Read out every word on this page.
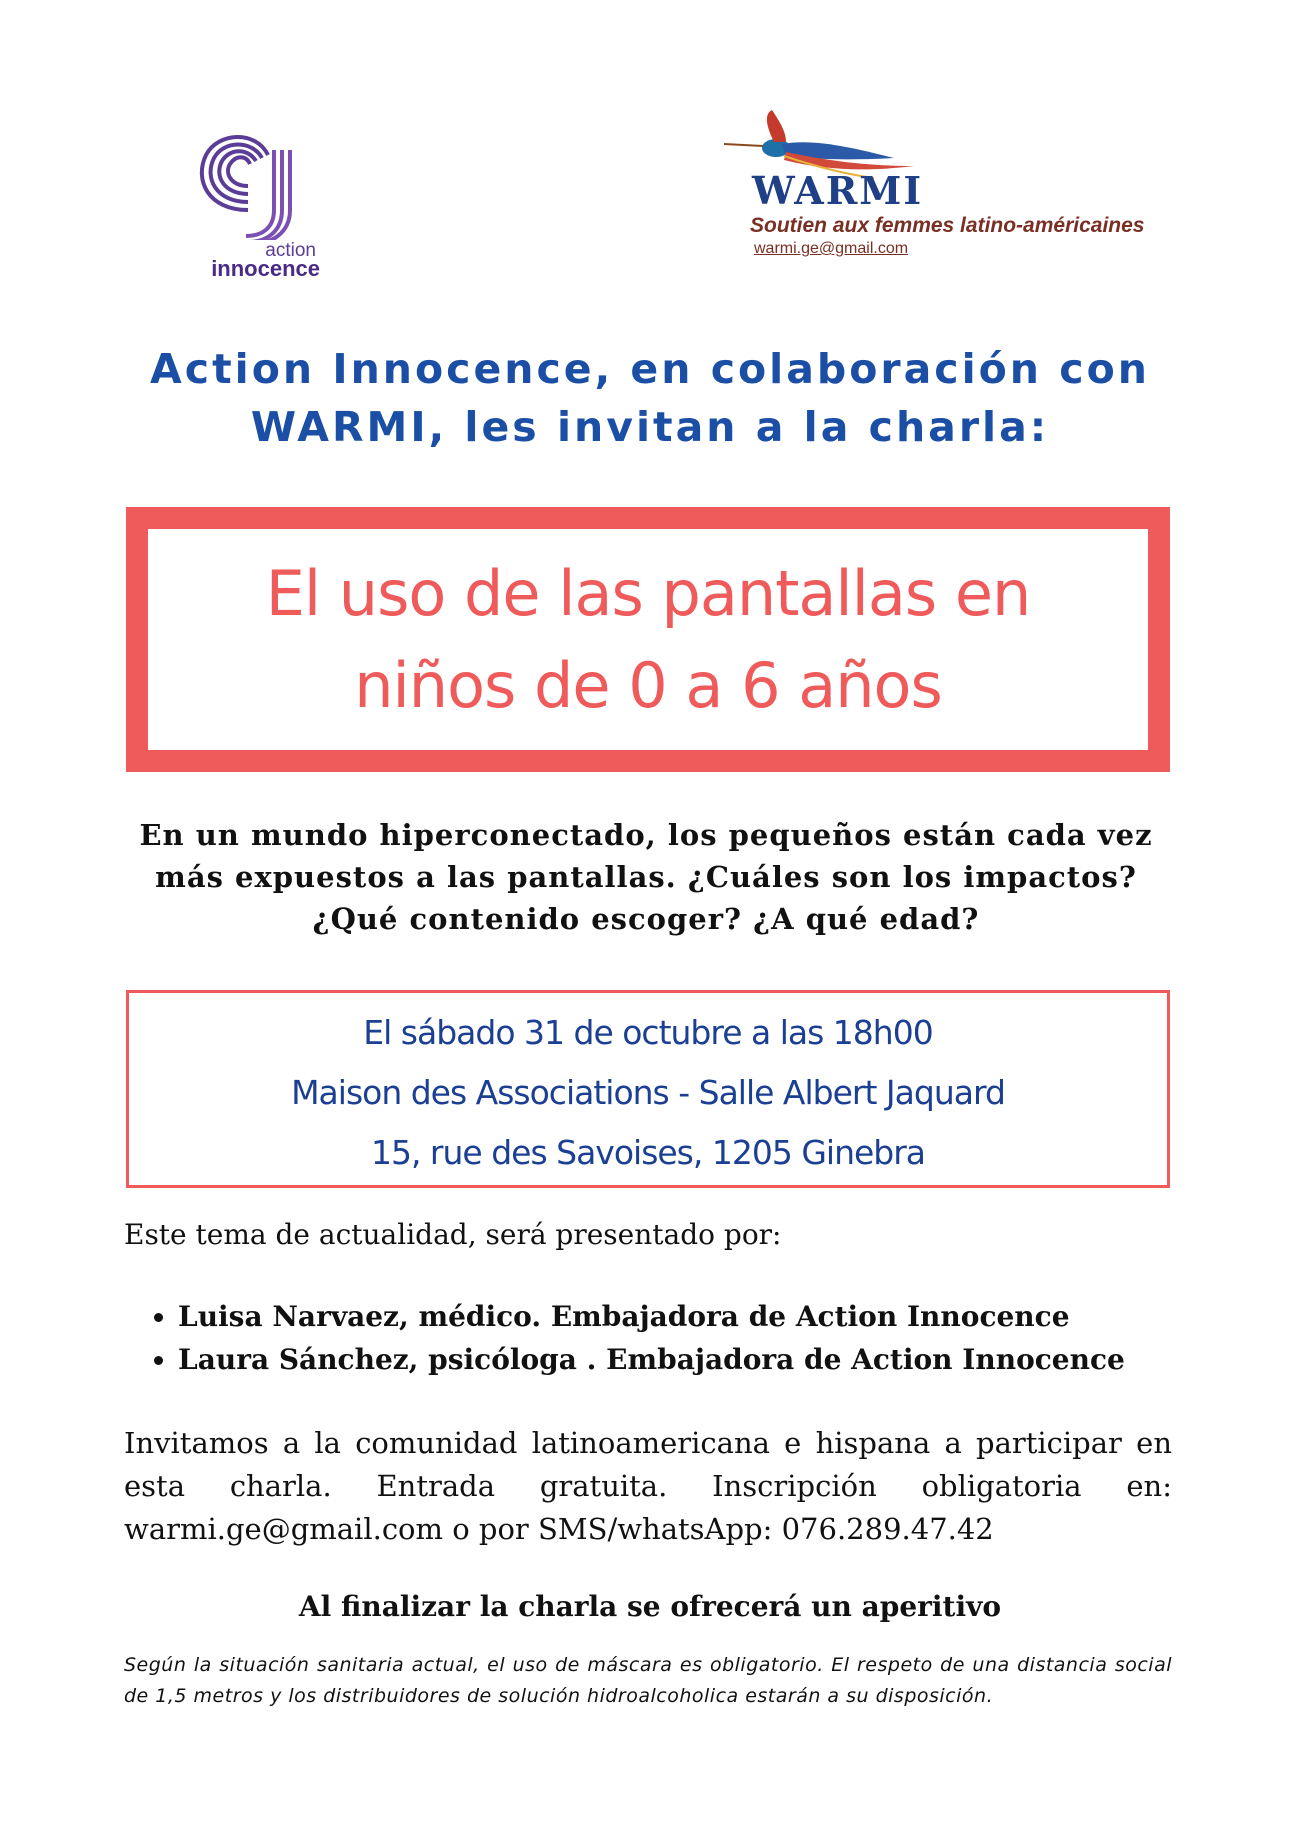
action
innocence
WARMI
Soutien aux femmes latino-américaines
warmi.ge@gmail.com
Action Innocence, en colaboración con
WARMI, les invitan a la charla:
El uso de las pantallas en
niños de 0 a 6 años
En un mundo hiperconectado, los pequeños están cada vez
más expuestos a las pantallas. ¿Cuáles son los impactos?
¿Qué contenido escoger? ¿A qué edad?
El sábado 31 de octubre a las 18h00
Maison des Associations - Salle Albert Jaquard
15, rue des Savoises, 1205 Ginebra
Este tema de actualidad, será presentado por:
• Luisa Narvaez, médico. Embajadora de Action Innocence
• Laura Sánchez, psicóloga . Embajadora de Action Innocence
Invitamos a la comunidad latinoamericana e hispana a participar en esta charla. Entrada gratuita. Inscripción obligatoria en: warmi.ge@gmail.com o por SMS/whatsApp: 076.289.47.42
Al finalizar la charla se ofrecerá un aperitivo
Según la situación sanitaria actual, el uso de máscara es obligatorio. El respeto de una distancia social de 1,5 metros y los distribuidores de solución hidroalcoholica estarán a su disposición.
